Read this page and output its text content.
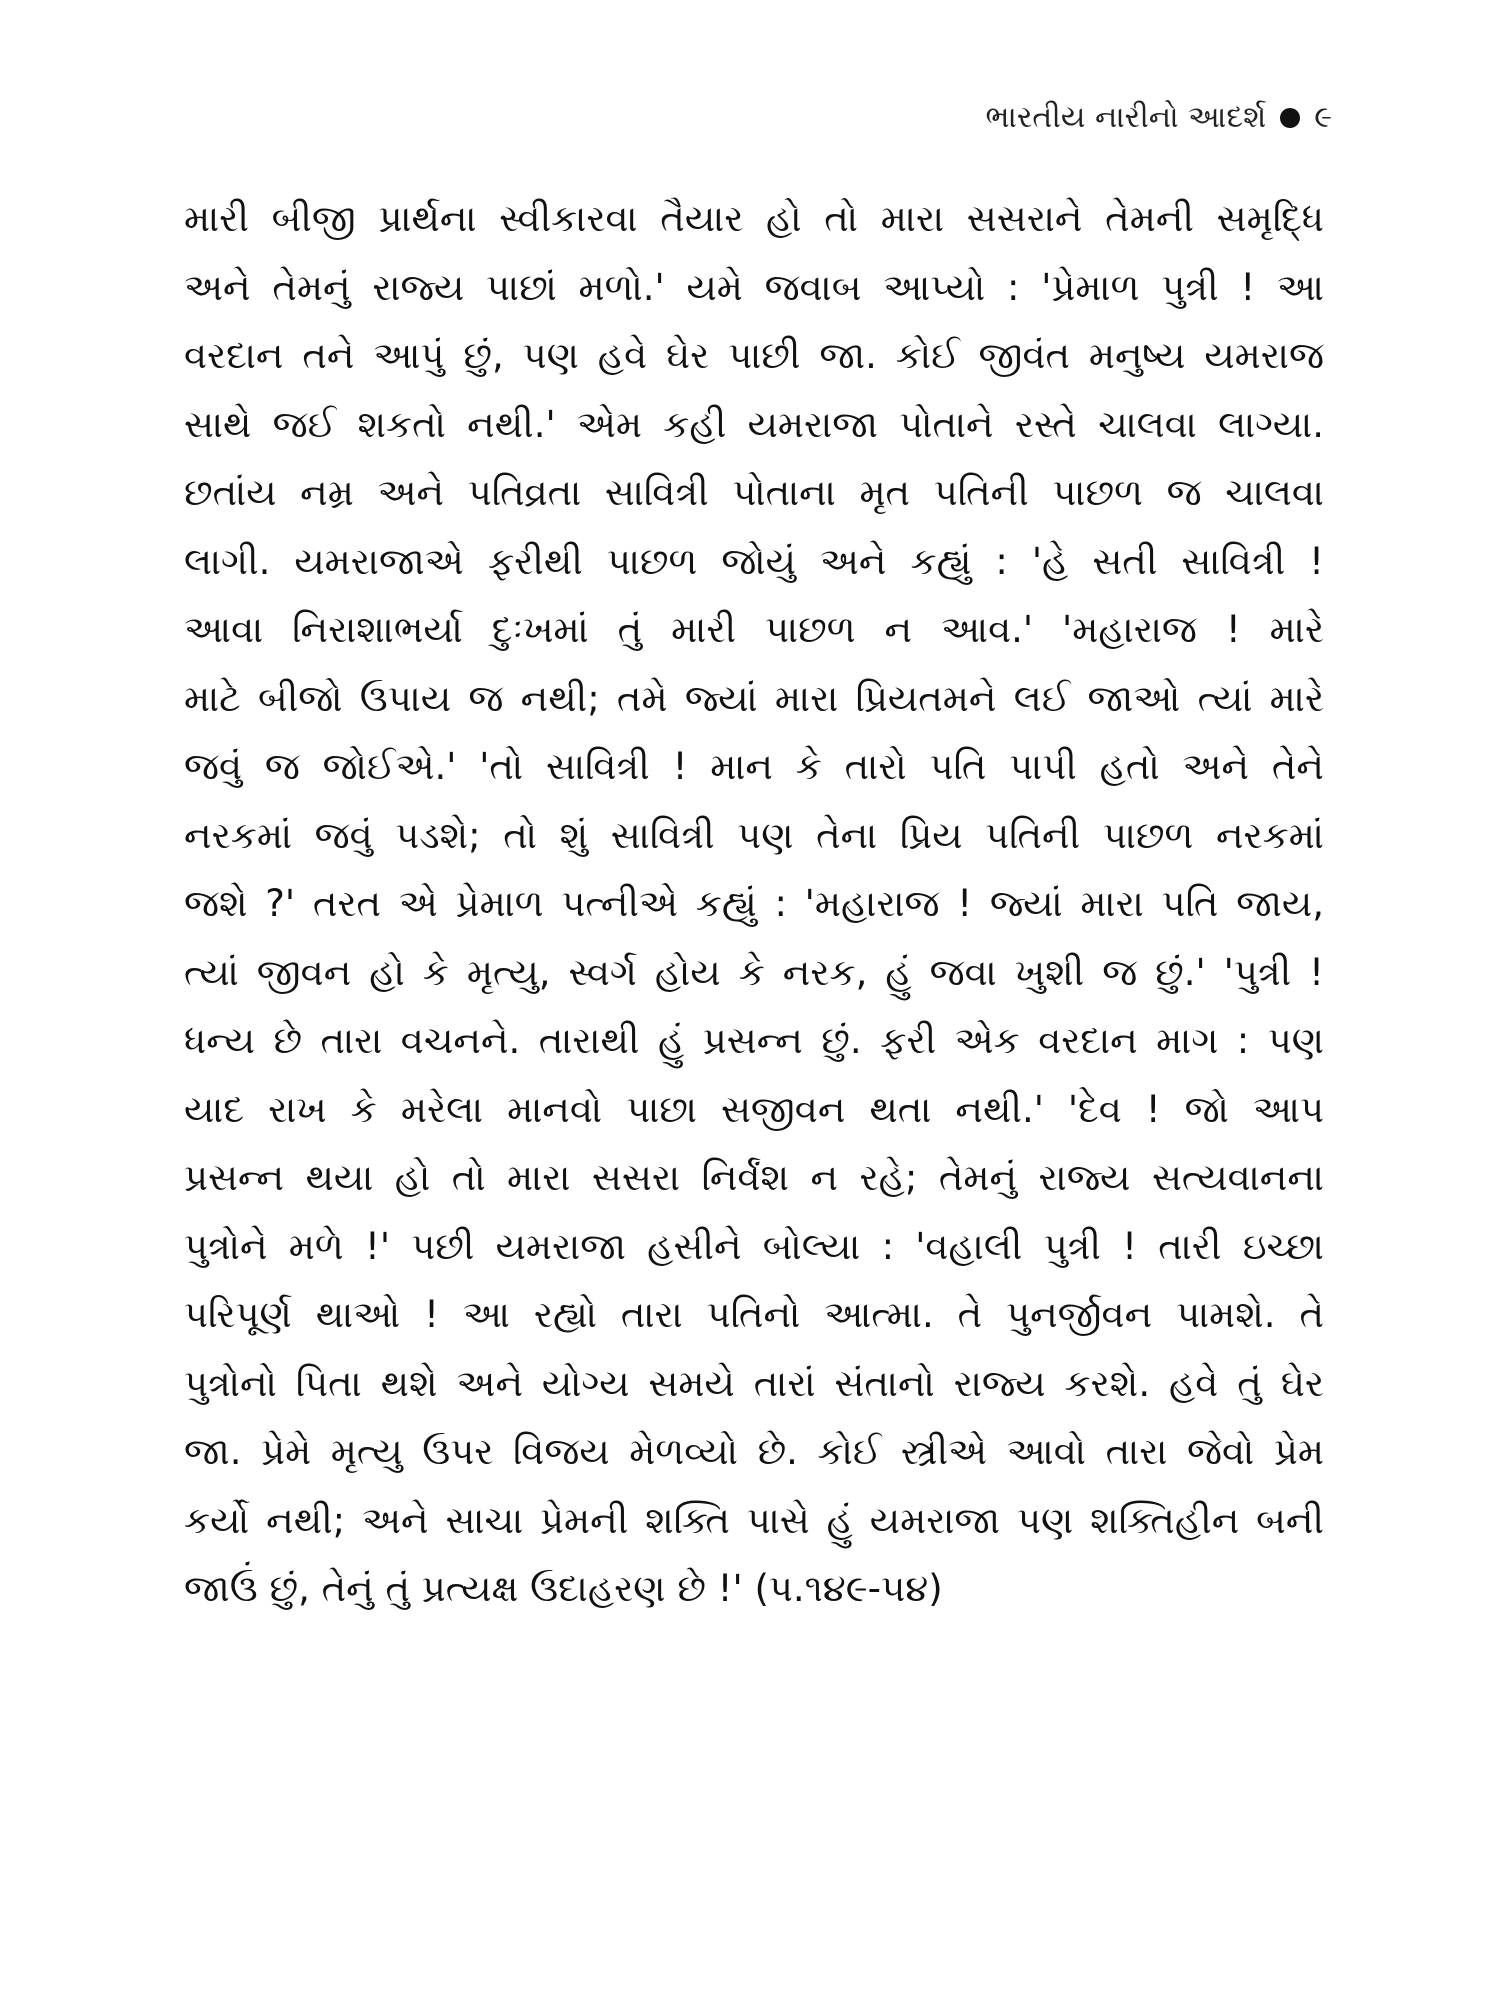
ભારતીય નારીનો આદર્શ ૯
મારી બીજી પ્રાર્થના સ્વીકારવા તૈયાર હો તો મારા સસરાને તેમની સમૃદ્ધિ
અને તેમનું રાજ્ય પાછાં મળો.' યમે જવાબ આપ્યો : 'પ્રેમાળ પુત્રી ! આ
વરદાન તને આપું છું, પણ હવે ઘેર પાછી જા. કોઈ જીવંત મનુષ્ય યમરાજ
સાથે જઈ શકતો નથી.' એમ કહી યમરાજા પોતાને રસ્તે ચાલવા લાગ્યા.
છતાંય નમ્ર અને પતિવ્રતા સાવિત્રી પોતાના મૃત પતિની પાછળ જ ચાલવા
લાગી. યમરાજાએ ફરીથી પાછળ જોયું અને કહ્યું : 'હે સતી સાવિત્રી !
આવા નિરાશાભર્યા દુઃખમાં તું મારી પાછળ ન આવ.' 'મહારાજ ! મારે
માટે બીજો ઉપાય જ નથી; તમે જ્યાં મારા પ્રિયતમને લઈ જાઓ ત્યાં મારે
જવું જ જોઈએ.' 'તો સાવિત્રી ! માન કે તારો પતિ પાપી હતો અને તેને
નરકમાં જવું પડશે; તો શું સાવિત્રી પણ તેના પ્રિય પતિની પાછળ નરકમાં
જશે ?' તરત એ પ્રેમાળ પત્નીએ કહ્યું : 'મહારાજ ! જ્યાં મારા પતિ જાય,
ત્યાં જીવન હો કે મૃત્યુ, સ્વર્ગ હોય કે નરક, હું જવા ખુશી જ છું.' 'પુત્રી !
ધન્ય છે તારા વચનને. તારાથી હું પ્રસન્ન છું. ફરી એક વરદાન માગ : પણ
યાદ રાખ કે મરેલા માનવો પાછા સજીવન થતા નથી.' 'દેવ ! જો આપ
પ્રસન્ન થયા હો તો મારા સસરા નિર્વંશ ન રહે; તેમનું રાજ્ય સત્યવાનના
પુત્રોને મળે !' પછી યમરાજા હસીને બોલ્યા : 'વહાલી પુત્રી ! તારી ઇચ્છા
પરિપૂર્ણ થાઓ ! આ રહ્યો તારા પતિનો આત્મા. તે પુનર્જીવન પામશે. તે
પુત્રોનો પિતા થશે અને યોગ્ય સમયે તારાં સંતાનો રાજ્ય કરશે. હવે તું ઘેર
જા. પ્રેમે મૃત્યુ ઉપર વિજય મેળવ્યો છે. કોઈ સ્ત્રીએ આવો તારા જેવો પ્રેમ
કર્યો નથી; અને સાચા પ્રેમની શક્તિ પાસે હું યમરાજા પણ શક્તિહીન બની
જાઉં છું, તેનું તું પ્રત્યક્ષ ઉદાહરણ છે !' (પ.૧૪૯-૫૪)
